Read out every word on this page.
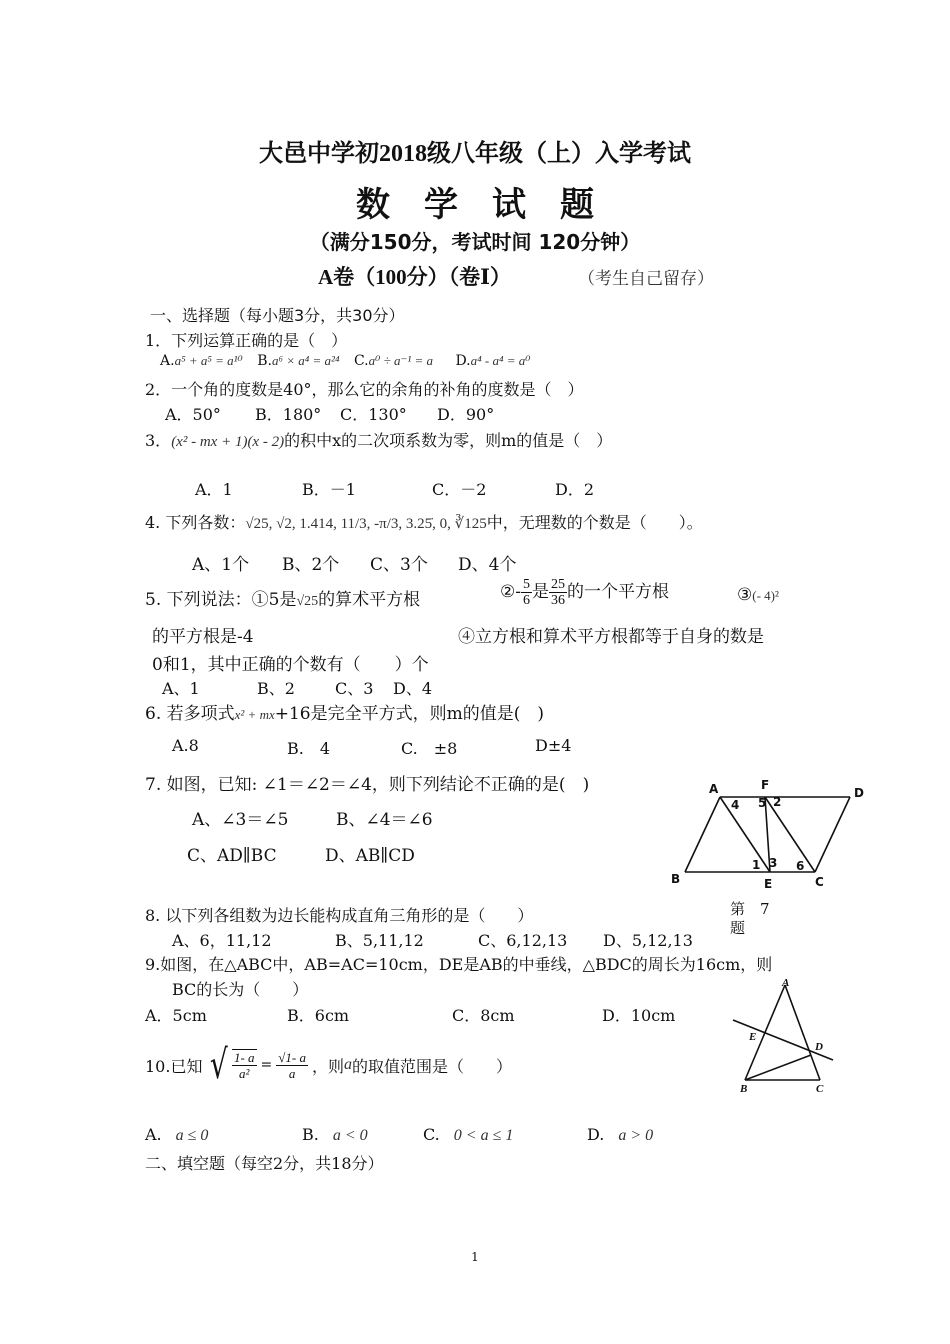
大邑中学初2018级八年级（上）入学考试
数　学　试　题
（满分150分，考试时间 120分钟）
A卷（100分）（卷Ⅰ）	（考生自己留存）
一、选择题（每小题3分，共30分）
1．下列运算正确的是（　）
A.a⁵ + a⁵ = a¹⁰ B.a⁶ × a⁴ = a²⁴ C.a⁰ ÷ a⁻¹ = a D.a⁴ - a⁴ = a⁰
2．一个角的度数是40°，那么它的余角的补角的度数是（　）
A．50° B．180° C．130° D．90°
3．(x² - mx + 1)(x - 2)的积中x的二次项系数为零，则m的值是（　）
A．1	B．－1	C．－2	D．2
4. 下列各数：√25, √2, 1.414, 11/3, -π/3, 3.25̇, 0, ∛125中，无理数的个数是（　　）。
A、1个 B、2个 C、3个 D、4个
5. 下列说法：①5是√25的算术平方根	②- $\frac{5}{6}$ 是 $\frac{25}{36}$ 的一个平方根	③(- 4)²
的平方根是-4	④立方根和算术平方根都等于自身的数是
0和1，其中正确的个数有（　　）个
A、1	B、2	C、3 D、4
6. 若多项式x² + mx+16是完全平方式，则m的值是(　)
A.8	B.　4	C.　±8	D±4
7. 如图，已知: ∠1＝∠2＝∠4，则下列结论不正确的是(　)
A、∠3＝∠5	B、∠4＝∠6
C、AD∥BC	D、AB∥CD
A	F
D
4 5 2
1 3 6
B	E	C
第　7
题
8. 以下列各组数为边长能构成直角三角形的是（　　）
A、6，11,12	B、5,11,12	C、6,12,13 D、5,12,13
9.如图，在△ABC中，AB=AC=10cm，DE是AB的中垂线，△BDC的周长为16cm，则
BC的长为（　　）
A．5cm	B．6cm	C．8cm	D．10cm
A
E
D
B	C
10.已知 √ $\frac{1- a}{\text{a²}} = \frac{√1- a}{a}$ ，则 a 的取值范围是（　　）
A. a ≤ 0	B. a < 0	C. 0 < a ≤ 1	D. a > 0
二、填空题（每空2分，共18分）
1
